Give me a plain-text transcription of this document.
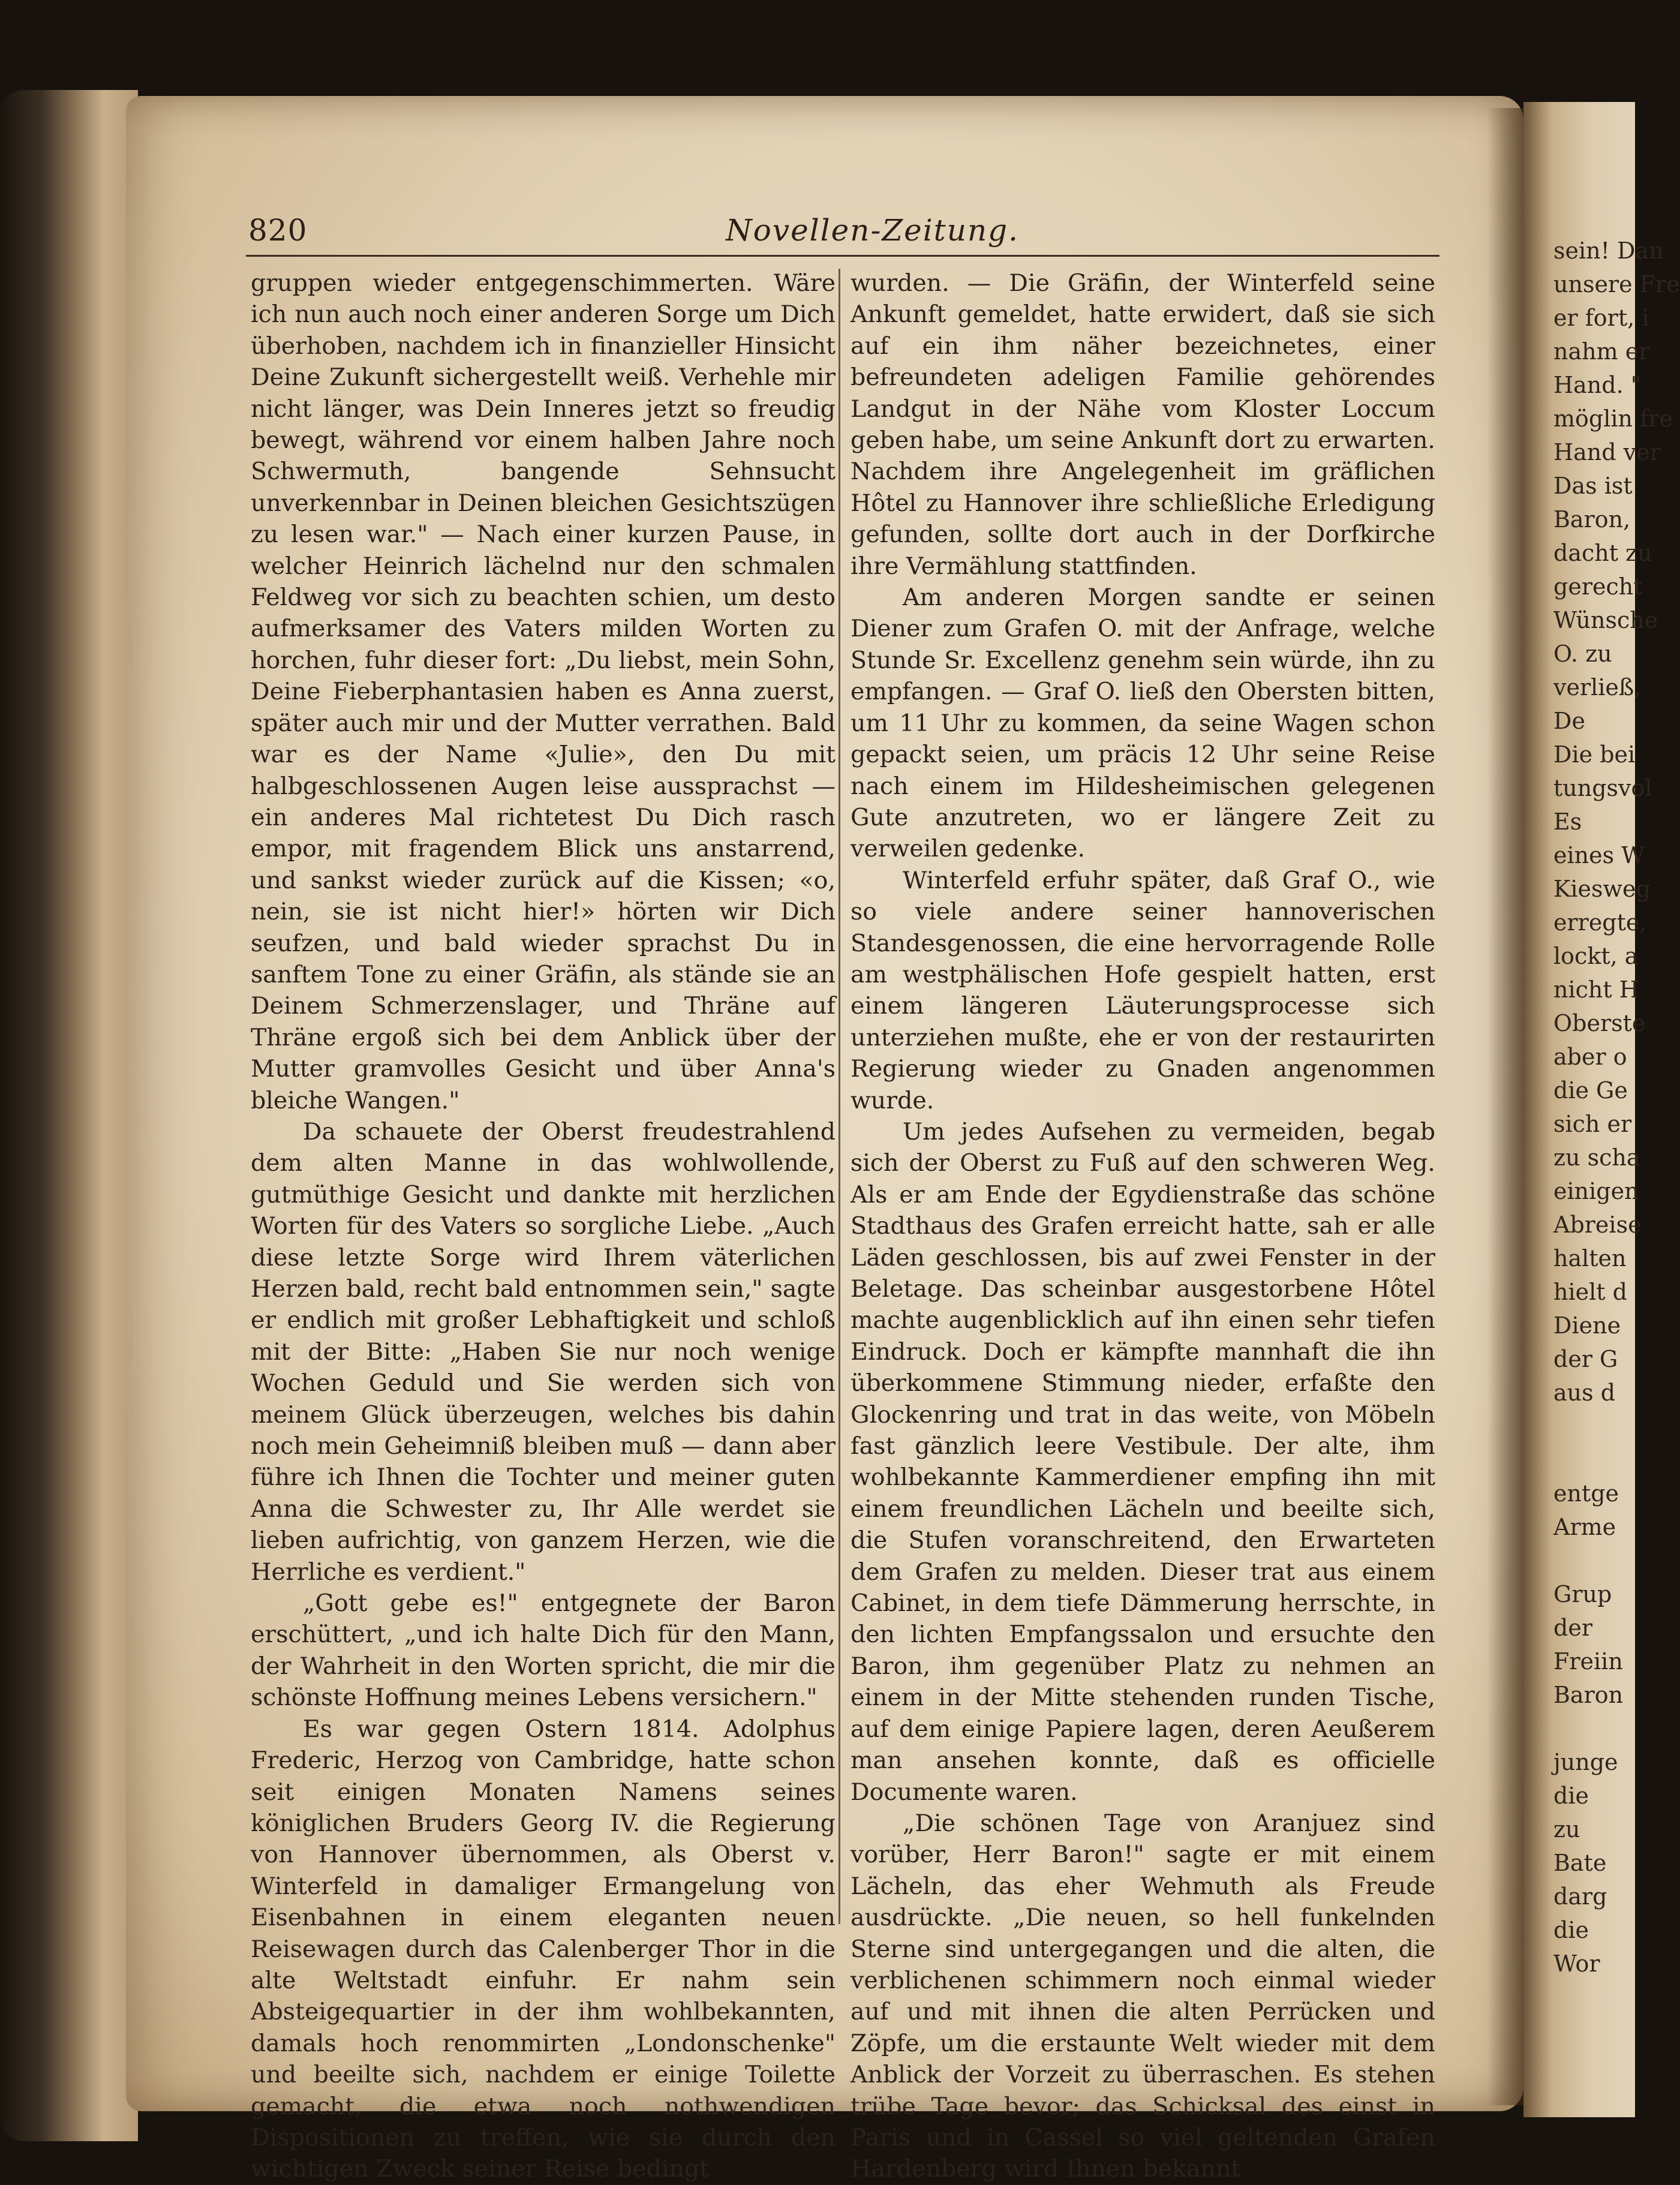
820	Novellen-Zeitung.

gruppen wieder entgegenschimmerten. Wäre ich nun auch noch einer anderen Sorge um Dich überhoben, nachdem ich in finanzieller Hinsicht Deine Zukunft sichergestellt weiß. Verhehle mir nicht länger, was Dein Inneres jetzt so freudig bewegt, während vor einem halben Jahre noch Schwermuth, bangende Sehnsucht unverkennbar in Deinen bleichen Gesichtszügen zu lesen war." — Nach einer kurzen Pause, in welcher Heinrich lächelnd nur den schmalen Feldweg vor sich zu beachten schien, um desto aufmerksamer des Vaters milden Worten zu horchen, fuhr dieser fort: „Du liebst, mein Sohn, Deine Fieberphantasien haben es Anna zuerst, später auch mir und der Mutter verrathen. Bald war es der Name «Julie», den Du mit halbgeschlossenen Augen leise aussprachst — ein anderes Mal richtetest Du Dich rasch empor, mit fragendem Blick uns anstarrend, und sankst wieder zurück auf die Kissen; «o, nein, sie ist nicht hier!» hörten wir Dich seufzen, und bald wieder sprachst Du in sanftem Tone zu einer Gräfin, als stände sie an Deinem Schmerzenslager, und Thräne auf Thräne ergoß sich bei dem Anblick über der Mutter gramvolles Gesicht und über Anna's bleiche Wangen."

Da schauete der Oberst freudestrahlend dem alten Manne in das wohlwollende, gutmüthige Gesicht und dankte mit herzlichen Worten für des Vaters so sorgliche Liebe. „Auch diese letzte Sorge wird Ihrem väterlichen Herzen bald, recht bald entnommen sein," sagte er endlich mit großer Lebhaftigkeit und schloß mit der Bitte: „Haben Sie nur noch wenige Wochen Geduld und Sie werden sich von meinem Glück überzeugen, welches bis dahin noch mein Geheimniß bleiben muß — dann aber führe ich Ihnen die Tochter und meiner guten Anna die Schwester zu, Ihr Alle werdet sie lieben aufrichtig, von ganzem Herzen, wie die Herrliche es verdient."

„Gott gebe es!" entgegnete der Baron erschüttert, „und ich halte Dich für den Mann, der Wahrheit in den Worten spricht, die mir die schönste Hoffnung meines Lebens versichern."

Es war gegen Ostern 1814. Adolphus Frederic, Herzog von Cambridge, hatte schon seit einigen Monaten Namens seines königlichen Bruders Georg IV. die Regierung von Hannover übernommen, als Oberst v. Winterfeld in damaliger Ermangelung von Eisenbahnen in einem eleganten neuen Reisewagen durch das Calenberger Thor in die alte Weltstadt einfuhr. Er nahm sein Absteigequartier in der ihm wohlbekannten, damals hoch renommirten „Londonschenke" und beeilte sich, nachdem er einige Toilette gemacht, die etwa noch nothwendigen Dispositionen zu treffen, wie sie durch den wichtigen Zweck seiner Reise bedingt

wurden. — Die Gräfin, der Winterfeld seine Ankunft gemeldet, hatte erwidert, daß sie sich auf ein ihm näher bezeichnetes, einer befreundeten adeligen Familie gehörendes Landgut in der Nähe vom Kloster Loccum geben habe, um seine Ankunft dort zu erwarten. Nachdem ihre Angelegenheit im gräflichen Hôtel zu Hannover ihre schließliche Erledigung gefunden, sollte dort auch in der Dorfkirche ihre Vermählung stattfinden.

Am anderen Morgen sandte er seinen Diener zum Grafen O. mit der Anfrage, welche Stunde Sr. Excellenz genehm sein würde, ihn zu empfangen. — Graf O. ließ den Obersten bitten, um 11 Uhr zu kommen, da seine Wagen schon gepackt seien, um präcis 12 Uhr seine Reise nach einem im Hildesheimischen gelegenen Gute anzutreten, wo er längere Zeit zu verweilen gedenke.

Winterfeld erfuhr später, daß Graf O., wie so viele andere seiner hannoverischen Standesgenossen, die eine hervorragende Rolle am westphälischen Hofe gespielt hatten, erst einem längeren Läuterungsprocesse sich unterziehen mußte, ehe er von der restaurirten Regierung wieder zu Gnaden angenommen wurde.

Um jedes Aufsehen zu vermeiden, begab sich der Oberst zu Fuß auf den schweren Weg. Als er am Ende der Egydienstraße das schöne Stadthaus des Grafen erreicht hatte, sah er alle Läden geschlossen, bis auf zwei Fenster in der Beletage. Das scheinbar ausgestorbene Hôtel machte augenblicklich auf ihn einen sehr tiefen Eindruck. Doch er kämpfte mannhaft die ihn überkommene Stimmung nieder, erfaßte den Glockenring und trat in das weite, von Möbeln fast gänzlich leere Vestibule. Der alte, ihm wohlbekannte Kammerdiener empfing ihn mit einem freundlichen Lächeln und beeilte sich, die Stufen voranschreitend, den Erwarteten dem Grafen zu melden. Dieser trat aus einem Cabinet, in dem tiefe Dämmerung herrschte, in den lichten Empfangssalon und ersuchte den Baron, ihm gegenüber Platz zu nehmen an einem in der Mitte stehenden runden Tische, auf dem einige Papiere lagen, deren Aeußerem man ansehen konnte, daß es officielle Documente waren.

„Die schönen Tage von Aranjuez sind vorüber, Herr Baron!" sagte er mit einem Lächeln, das eher Wehmuth als Freude ausdrückte. „Die neuen, so hell funkelnden Sterne sind untergegangen und die alten, die verblichenen schimmern noch einmal wieder auf und mit ihnen die alten Perrücken und Zöpfe, um die erstaunte Welt wieder mit dem Anblick der Vorzeit zu überraschen. Es stehen trübe Tage bevor; das Schicksal des einst in Paris und in Cassel so viel geltenden Grafen Hardenberg wird Ihnen bekannt

sein! Dan
unsere Fre
er fort, i
nahm er
Hand. "
möglin fre
Hand ver
Das ist
Baron,
dacht zu
gerecht
Wünsche
O. zu
verließ,
De
Die bei
tungsvol
Es
eines W
Kiesweg
erregte,
lockt, a
nicht H
Oberste
aber o
die Ge
sich er
zu scha
einigen
Abreise
halten
hielt d
Diene
der G
aus d

entge
Arme

Grup
der
Freiin
Baron

junge
die
zu
Bate
darg
die
Wor
